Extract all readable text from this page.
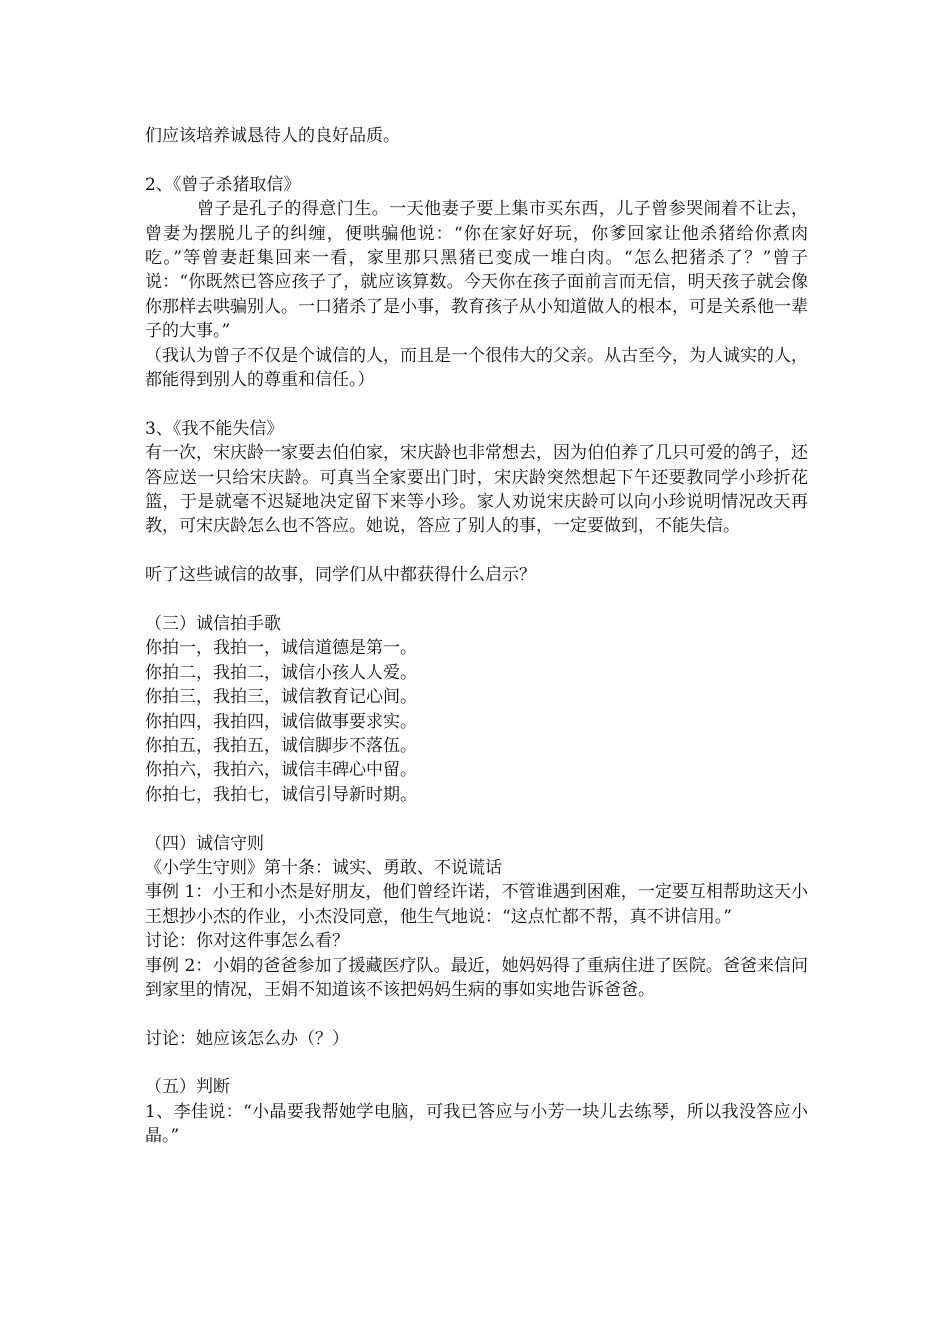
们应该培养诚恳待人的良好品质。
2、《曾子杀猪取信》
曾子是孔子的得意门生。一天他妻子要上集市买东西，儿子曾参哭闹着不让去，曾妻为摆脱儿子的纠缠，便哄骗他说：“你在家好好玩，你爹回家让他杀猪给你煮肉吃。”等曾妻赶集回来一看，家里那只黑猪已变成一堆白肉。“怎么把猪杀了？”曾子说：“你既然已答应孩子了，就应该算数。今天你在孩子面前言而无信，明天孩子就会像你那样去哄骗别人。一口猪杀了是小事，教育孩子从小知道做人的根本，可是关系他一辈子的大事。”
（我认为曾子不仅是个诚信的人，而且是一个很伟大的父亲。从古至今，为人诚实的人，都能得到别人的尊重和信任。）
3、《我不能失信》
有一次，宋庆龄一家要去伯伯家，宋庆龄也非常想去，因为伯伯养了几只可爱的鸽子，还答应送一只给宋庆龄。可真当全家要出门时，宋庆龄突然想起下午还要教同学小珍折花篮，于是就毫不迟疑地决定留下来等小珍。家人劝说宋庆龄可以向小珍说明情况改天再教，可宋庆龄怎么也不答应。她说，答应了别人的事，一定要做到，不能失信。
听了这些诚信的故事，同学们从中都获得什么启示？
（三）诚信拍手歌
你拍一，我拍一，诚信道德是第一。
你拍二，我拍二，诚信小孩人人爱。
你拍三，我拍三，诚信教育记心间。
你拍四，我拍四，诚信做事要求实。
你拍五，我拍五，诚信脚步不落伍。
你拍六，我拍六，诚信丰碑心中留。
你拍七，我拍七，诚信引导新时期。
（四）诚信守则
《小学生守则》第十条：诚实、勇敢、不说谎话
事例 1：小王和小杰是好朋友，他们曾经许诺，不管谁遇到困难，一定要互相帮助这天小王想抄小杰的作业，小杰没同意，他生气地说：“这点忙都不帮，真不讲信用。”
讨论：你对这件事怎么看？
事例 2：小娟的爸爸参加了援藏医疗队。最近，她妈妈得了重病住进了医院。爸爸来信问到家里的情况，王娟不知道该不该把妈妈生病的事如实地告诉爸爸。
讨论：她应该怎么办（？）
（五）判断
1、李佳说：“小晶要我帮她学电脑，可我已答应与小芳一块儿去练琴，所以我没答应小晶。”
